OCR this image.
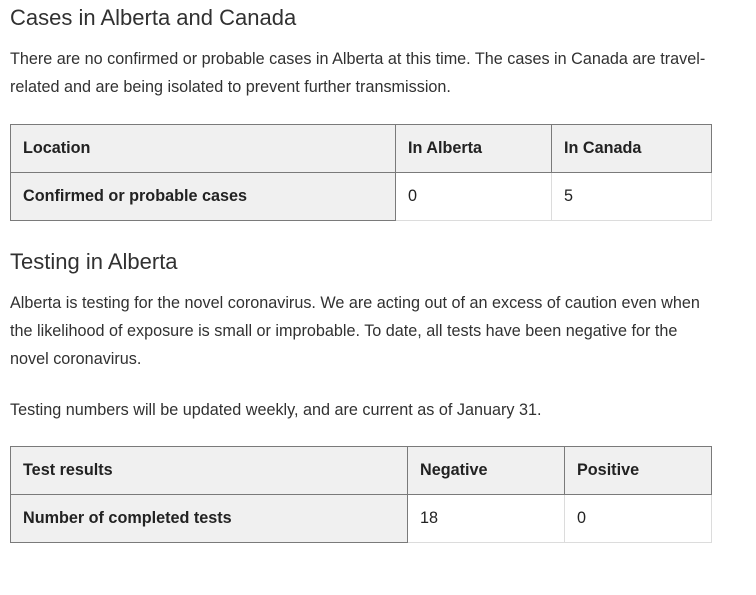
Cases in Alberta and Canada

There are no confirmed or probable cases in Alberta at this time. The cases in Canada are travel-related and are being isolated to prevent further transmission.

Location	In Alberta	In Canada
Confirmed or probable cases	0	5
Testing in Alberta

Alberta is testing for the novel coronavirus. We are acting out of an excess of caution even when the likelihood of exposure is small or improbable. To date, all tests have been negative for the novel coronavirus.

Testing numbers will be updated weekly, and are current as of January 31.

Test results	Negative	Positive
Number of completed tests	18	0
